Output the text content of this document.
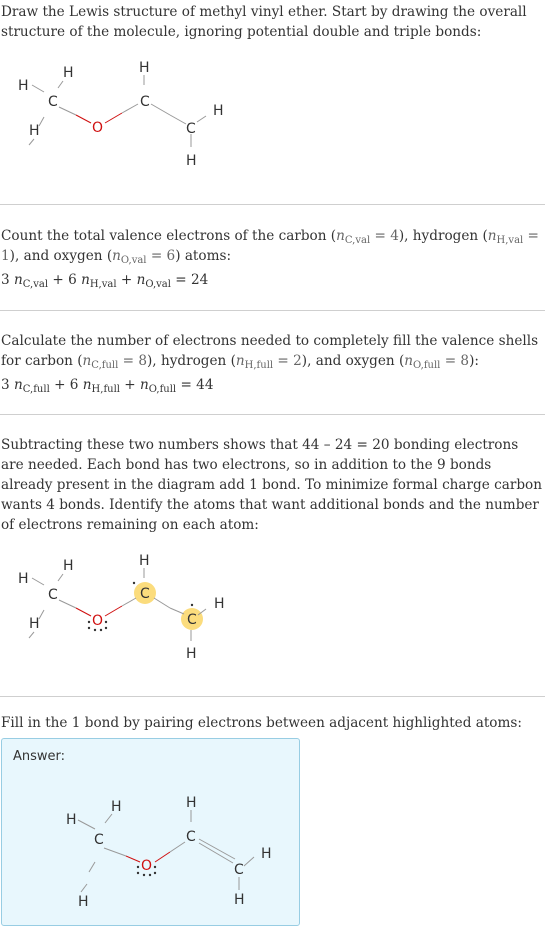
Draw the Lewis structure of methyl vinyl ether. Start by drawing the overall structure of the molecule, ignoring potential double and triple bonds:

H
H
C
H	O
H
C
C
H
H

Count the total valence electrons of the carbon $(n_{C,val} = 4)$, hydrogen $(n_{H,val} = 1)$, and oxygen $(n_{O,val} = 6)$ atoms:

3 $n_{C,val} + 6$ $n_{H,val} + n_{O,val} = 24$

Calculate the number of electrons needed to completely fill the valence shells for carbon $(n_{C,full} = 8)$, hydrogen $(n_{H,full} = 2)$, and oxygen $(n_{O,full} = 8)$:

3 $n_{C,full} + 6$ $n_{H,full} + n_{O,full} = 44$

Subtracting these two numbers shows that 44 – 24 = 20 bonding electrons are needed. Each bond has two electrons, so in addition to the 9 bonds already present in the diagram add 1 bond. To minimize formal charge carbon wants 4 bonds. Identify the atoms that want additional bonds and the number of electrons remaining on each atom:

H
H
C
H	O
H
C
C
H
H

Fill in the 1 bond by pairing electrons between adjacent highlighted atoms:

Answer:
H
H
C
H
O
H
C
C
H
H
